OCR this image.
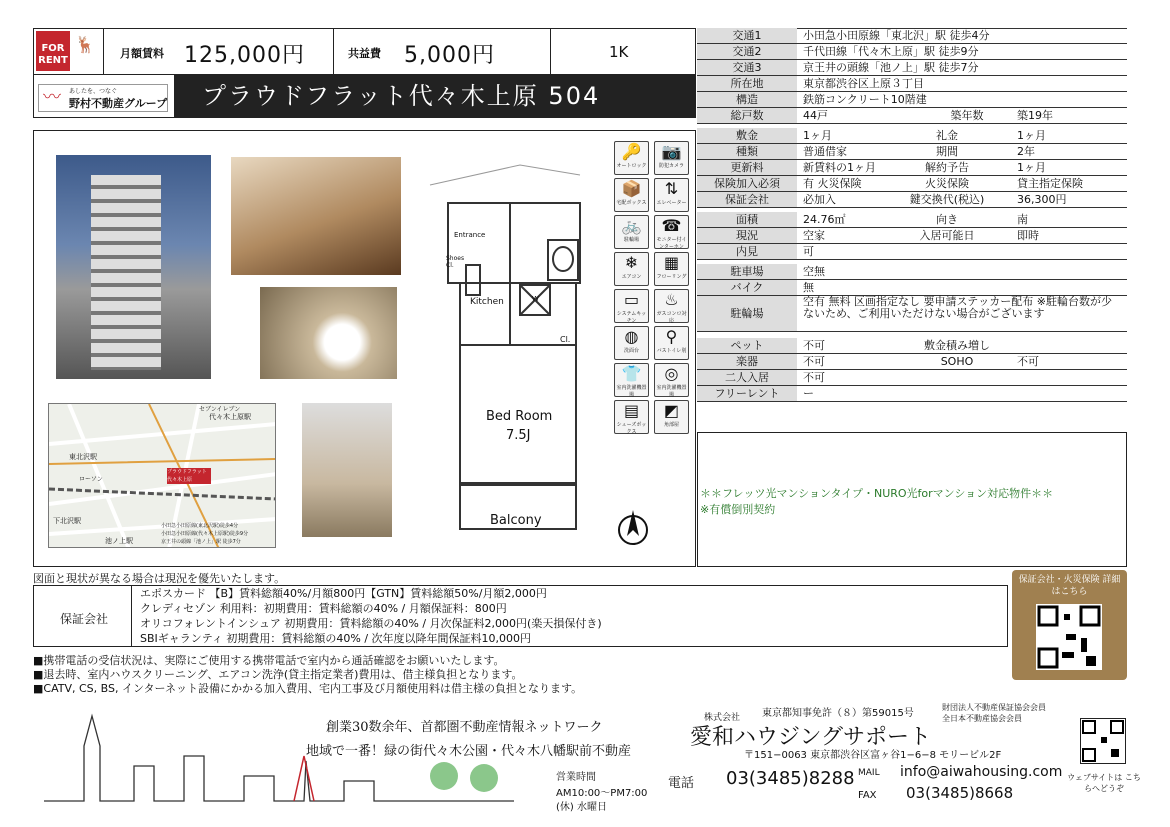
FOR RENT
🦌 月額賃料 125,000円	共益費 5,000円	1K
〰	あしたを、つなぐ
野村不動産グループ	プラウドフラット代々木上原 504
交通1	小田急小田原線「東北沢」駅 徒歩4分
交通2	千代田線「代々木上原」駅 徒歩9分
交通3	京王井の頭線「池ノ上」駅 徒歩7分
所在地	東京都渋谷区上原３丁目
構造	鉄筋コンクリート10階建
総戸数	44戸	築年数	築19年
敷金	1ヶ月	礼金	1ヶ月
種類	普通借家	期間	2年
更新料	新賃料の1ヶ月	解約予告	1ヶ月
保険加入必須	有 火災保険	火災保険	貸主指定保険
保証会社	必加入	鍵交換代(税込)	36,300円
面積	24.76㎡	向き	南
現況	空家	入居可能日	即時
内見	可
駐車場	空無
バイク	無
駐輪場
空有 無料 区画指定なし 要申請ステッカー配布 ※駐輪台数が少ないため、ご利用いただけない場合がございます
ペット	不可	敷金積み増し
楽器	不可	SOHO	不可
二人入居	不可
フリーレント	ー
東北沢駅
代々木上原駅
下北沢駅
池ノ上駅
セブンイレブン
ローソン
プラウドフラット代々木上原
小田急小田原線(東北沢駅)徒歩4分
小田急小田原線(代々木上原駅)徒歩9分
京王井の頭線「池ノ上」駅 徒歩7分
Entrance
Shoes Cl.
Kitchen	W
Cl.
Bed Room
7.5J
Balcony
🔑
オートロック
📷
防犯カメラ
📦
宅配ボックス
⇅
エレベーター
🚲
駐輪場
☎
モニター付インターホン
❄
エアコン
▦
フローリング
▭
システムキッチン
♨
ガスコンロ対応
◍
洗面台
⚲
バストイレ別
👕
室内洗濯機置場
◎
室内洗濯機置場
▤
シューズボックス
◩
角部屋
＊＊フレッツ光マンションタイプ・NURO光forマンション対応物件＊＊
※有償倒別契約
図面と現状が異なる場合は現況を優先いたします。
保証会社
エポスカード 【B】賃料総額40%/月額800円【GTN】賃料総額50%/月額2,000円
クレディセゾン 利用料：初期費用：賃料総額の40% / 月額保証料：800円
オリコフォレントインシュア 初期費用：賃料総額の40% / 月次保証料2,000円(楽天損保付き)
SBIギャランティ 初期費用：賃料総額の40% / 次年度以降年間保証料10,000円
保証会社・火災保険 詳細はこちら
■携帯電話の受信状況は、実際にご使用する携帯電話で室内から通話確認をお願いいたします。
■退去時、室内ハウスクリーニング、エアコン洗浄(貸主指定業者)費用は、借主様負担となります。
■CATV, CS, BS, インターネット設備にかかる加入費用、宅内工事及び月額使用料は借主様の負担となります。
創業30数余年、首都圏不動産情報ネットワーク
地域で一番！緑の街代々木公園・代々木八幡駅前不動産
営業時間
AM10:00〜PM7:00
(休) 水曜日
東京都知事免許（８）第59015号
財団法人不動産保証協会会員
全日本不動産協会会員
株式会社
愛和ハウジングサポート
〒151−0063 東京都渋谷区富ヶ谷1−6−8 モリービル2F
電話 03(3485)8288 MAIL info@aiwahousing.com
FAX 03(3485)8668
ウェブサイトは こちらへどうぞ
